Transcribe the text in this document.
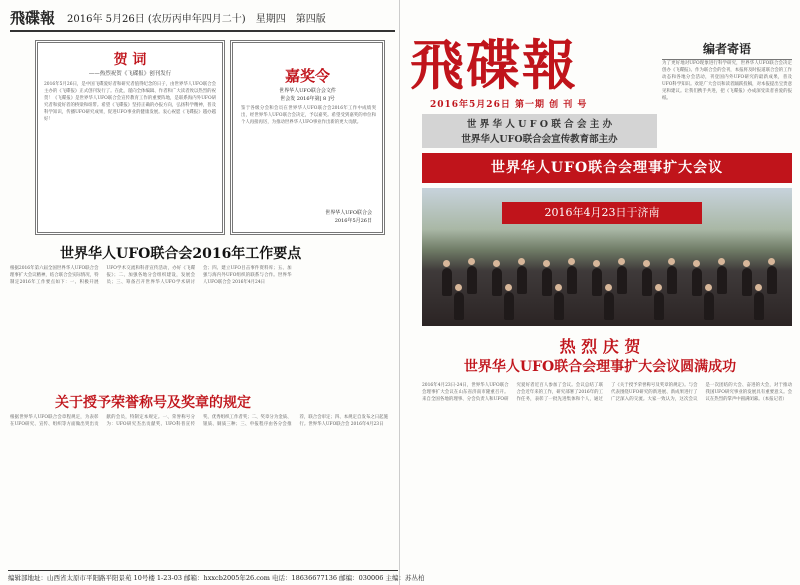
飛碟報 2016年 5月26日 (农历丙申年四月二十) 星期四 第四版
贺 词
——热烈祝贺《飞碟报》创刊发行
2016年5月26日，是中国飞碟爱好者和研究者值得纪念的日子，由世界华人UFO联合会主办的《飞碟报》正式创刊发行了。在此，谨向全体编辑、作者和广大读者致以热烈的祝贺！《飞碟报》是世界华人UFO联合会宣传教育工作的重要阵地，是联系海内外UFO研究者和爱好者的桥梁和纽带。希望《飞碟报》坚持正确的办报方向，弘扬科学精神，普及科学知识，传播UFO研究成果，促进UFO事业的健康发展。衷心祝愿《飞碟报》越办越好！
嘉奖令
世界华人UFO联合会文件
世会发 2016年第[ 8 ]号
鉴于各级分会和会员在世界华人UFO联合会2016年工作中成绩突出，经世界华人UFO联合会决定，予以嘉奖。希望受到嘉奖的单位和个人再接再厉，为推动世界华人UFO事业作出新的更大贡献。
世界华人UFO联合会
2016年5月26日
世界华人UFO联合会2016年工作要点
根据2016年第六届全国世界华人UFO联合会理事扩大会议精神，结合联合会实际情况，特制定2016年工作要点如下：一、积极开展UFO学术交流和科普宣传活动，办好《飞碟报》；二、加强各地分会组织建设，发展会员；三、筹备召开世界华人UFO学术研讨会；四、建立UFO目击事件资料库；五、加强与海内外UFO组织的联系与合作。世界华人UFO联合会 2016年4月24日
关于授予荣誉称号及奖章的规定
根据世界华人UFO联合会章程规定，为表彰在UFO研究、宣传、组织等方面做出突出贡献的会员，特制定本规定。一、荣誉称号分为：UFO研究杰出贡献奖、UFO科普宣传奖、优秀组织工作者奖；二、奖章分为金质、银质、铜质三种；三、申报程序由各分会推荐，联合会审定；四、本规定自发布之日起施行。世界华人UFO联合会 2016年4月23日
编辑部地址：山西省太原市平阳路平阳景苑 10号楼 1-23-03 邮箱：hxxcb2005年26.com 电话：18636677136 邮编：030006 主编：苏丛柏
飛碟報
2016年5月26日 第一期 创 刊 号
世 界 华 人 U F O 联 合 会 主 办
世界华人UFO联合会宣传教育部主办
编者寄语
为了更好地对UFO现象进行科学研究，世界华人UFO联合会决定创办《飞碟报》。作为联合会的会刊，本报将及时报道联合会的工作动态和各地分会活动，刊登国内外UFO研究的最新成果，普及UFO科学知识。欢迎广大会员和读者踊跃投稿，对本报提出宝贵意见和建议。让我们携手共进，把《飞碟报》办成深受读者喜爱的报纸。
世界华人UFO联合会理事扩大会议
2016年4月23日于济南
热 烈 庆 贺
世界华人UFO联合会理事扩大会议圆满成功
2016年4月23日-24日，世界华人UFO联合会理事扩大会议在山东省济南市隆重召开。来自全国各地的理事、分会负责人和UFO研究爱好者近百人参加了会议。会议总结了联合会近年来的工作，研究部署了2016年的工作任务，表彰了一批先进集体和个人，通过了《关于授予荣誉称号及奖章的规定》。与会代表围绕UFO研究的新进展、新成果进行了广泛深入的交流。大家一致认为，这次会议是一次团结的大会、奋进的大会，对于推动我国UFO研究事业的发展具有重要意义。会议在热烈的掌声中圆满闭幕。（本报记者）
